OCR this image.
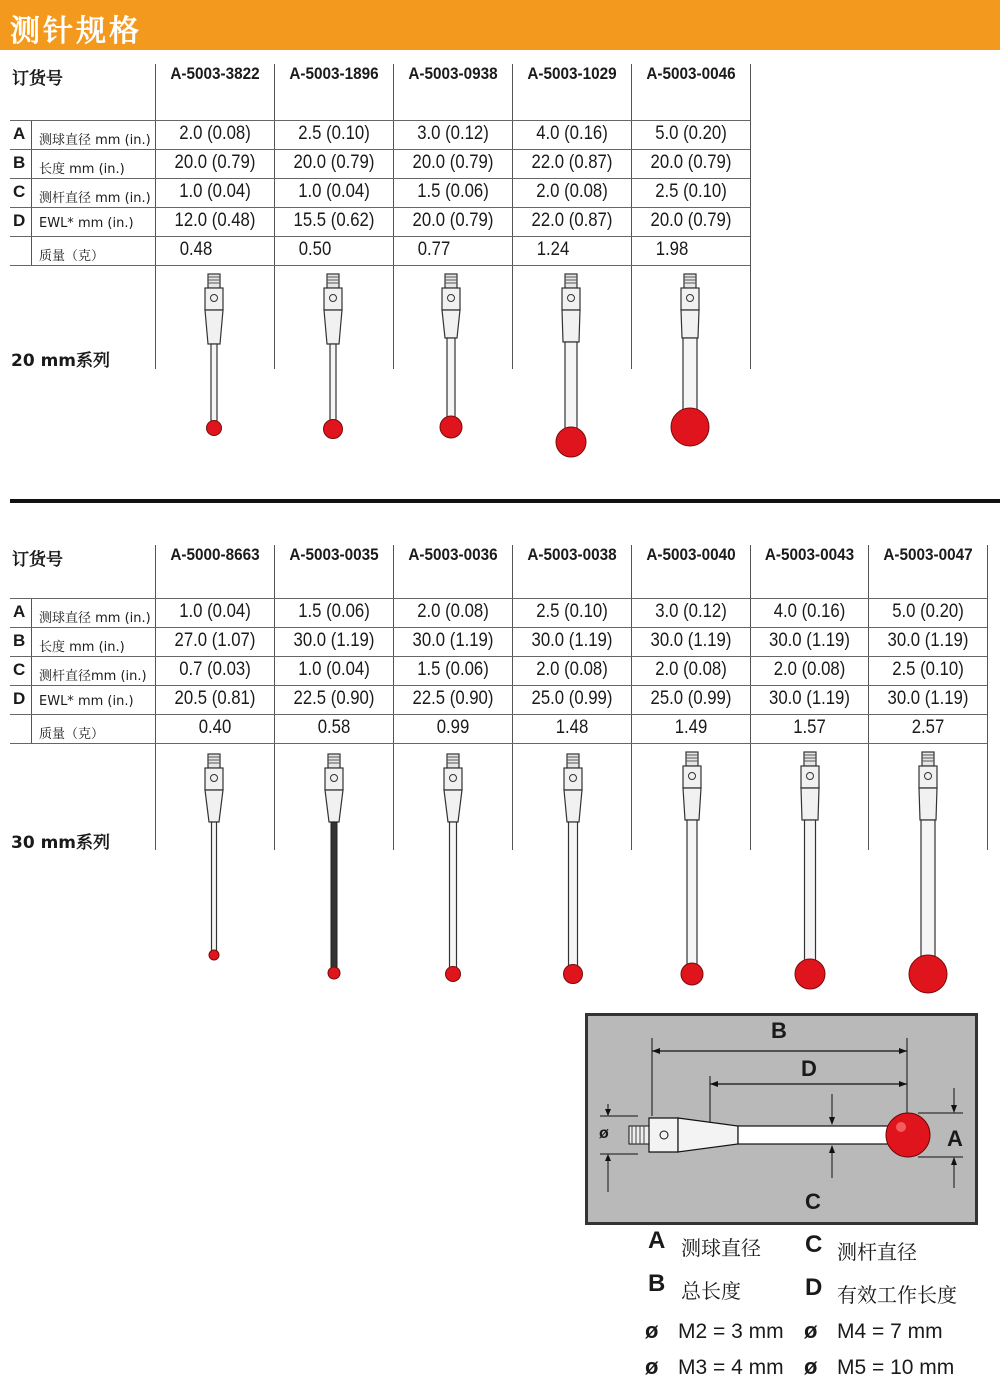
测针规格
订货号	A-5003-3822	A-5003-1896	A-5003-0938	A-5003-1029	A-5003-0046
A 测球直径 mm (in.)	2.0 (0.08)	2.5 (0.10)	3.0 (0.12)	4.0 (0.16)	5.0 (0.20)
B 长度 mm (in.)	20.0 (0.79)	20.0 (0.79)	20.0 (0.79)	22.0 (0.87)	20.0 (0.79)
C 测杆直径 mm (in.)	1.0 (0.04)	1.0 (0.04)	1.5 (0.06)	2.0 (0.08)	2.5 (0.10)
D EWL* mm (in.)	12.0 (0.48)	15.5 (0.62)	20.0 (0.79)	22.0 (0.87)	20.0 (0.79)
质量（克）	0.48	0.50	0.77	1.24	1.98
20 mm系列
订货号	A-5000-8663	A-5003-0035	A-5003-0036	A-5003-0038	A-5003-0040	A-5003-0043	A-5003-0047
A 测球直径 mm (in.)	1.0 (0.04)	1.5 (0.06)	2.0 (0.08)	2.5 (0.10)	3.0 (0.12)	4.0 (0.16)	5.0 (0.20)
B 长度 mm (in.)	27.0 (1.07)	30.0 (1.19)	30.0 (1.19)	30.0 (1.19)	30.0 (1.19)	30.0 (1.19)	30.0 (1.19)
C 测杆直径mm (in.)	0.7 (0.03)	1.0 (0.04)	1.5 (0.06)	2.0 (0.08)	2.0 (0.08)	2.0 (0.08)	2.5 (0.10)
D EWL* mm (in.)	20.5 (0.81)	22.5 (0.90)	22.5 (0.90)	25.0 (0.99)	25.0 (0.99)	30.0 (1.19)	30.0 (1.19)
质量（克）	0.40	0.58	0.99	1.48	1.49	1.57	2.57
30 mm系列
B
D
A
C
ø
A 测球直径 C 测杆直径
B 总长度	D 有效工作长度
ø M2 = 3 mm ø M4 = 7 mm
ø M3 = 4 mm ø M5 = 10 mm
